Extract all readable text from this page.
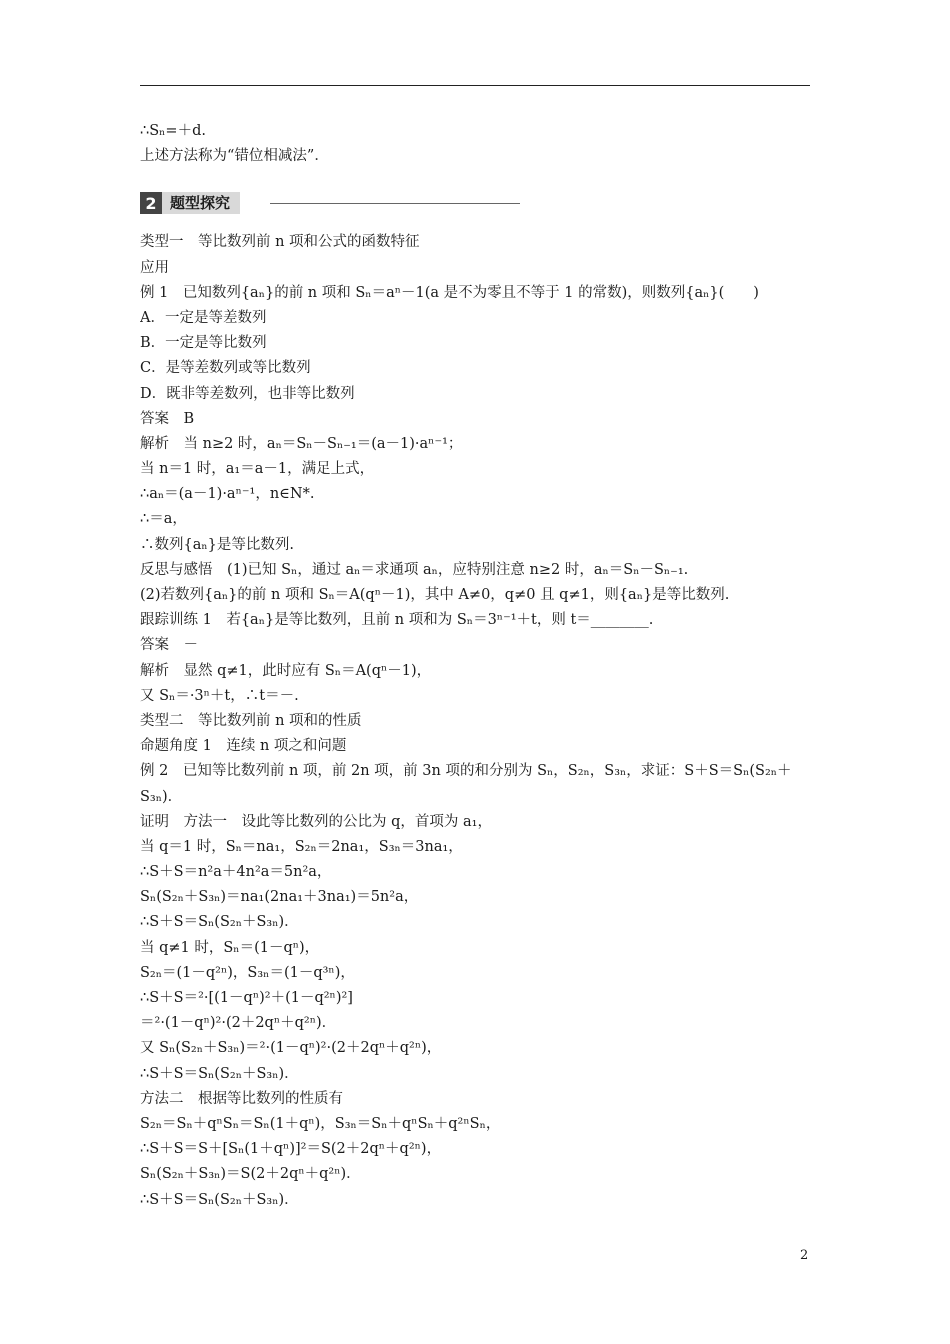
∴Sₙ=＋d.
上述方法称为“错位相减法”．
2 题型探究
类型一　等比数列前 n 项和公式的函数特征
应用
例 1　已知数列{aₙ}的前 n 项和 Sₙ＝aⁿ－1(a 是不为零且不等于 1 的常数)，则数列{aₙ}(　　)
A．一定是等差数列
B．一定是等比数列
C．是等差数列或等比数列
D．既非等差数列，也非等比数列
答案　B
解析　当 n≥2 时，aₙ＝Sₙ－Sₙ₋₁＝(a－1)·aⁿ⁻¹；
当 n＝1 时，a₁＝a－1，满足上式，
∴aₙ＝(a－1)·aⁿ⁻¹，n∈N*.
∴＝a，
∴数列{aₙ}是等比数列.
反思与感悟　(1)已知 Sₙ，通过 aₙ＝求通项 aₙ，应特别注意 n≥2 时，aₙ＝Sₙ－Sₙ₋₁.
(2)若数列{aₙ}的前 n 项和 Sₙ＝A(qⁿ－1)，其中 A≠0，q≠0 且 q≠1，则{aₙ}是等比数列.
跟踪训练 1　若{aₙ}是等比数列，且前 n 项和为 Sₙ＝3ⁿ⁻¹＋t，则 t＝________.
答案　－
解析　显然 q≠1，此时应有 Sₙ＝A(qⁿ－1)，
又 Sₙ＝·3ⁿ＋t，∴t＝－.
类型二　等比数列前 n 项和的性质
命题角度 1　连续 n 项之和问题
例 2　已知等比数列前 n 项，前 2n 项，前 3n 项的和分别为 Sₙ，S₂ₙ，S₃ₙ，求证：S＋S＝Sₙ(S₂ₙ＋
S₃ₙ)．
证明　方法一　设此等比数列的公比为 q，首项为 a₁，
当 q＝1 时，Sₙ＝na₁，S₂ₙ＝2na₁，S₃ₙ＝3na₁，
∴S＋S＝n²a＋4n²a＝5n²a，
Sₙ(S₂ₙ＋S₃ₙ)＝na₁(2na₁＋3na₁)＝5n²a，
∴S＋S＝Sₙ(S₂ₙ＋S₃ₙ)．
当 q≠1 时，Sₙ＝(1－qⁿ)，
S₂ₙ＝(1－q²ⁿ)，S₃ₙ＝(1－q³ⁿ)，
∴S＋S＝²·[(1－qⁿ)²＋(1－q²ⁿ)²]
＝²·(1－qⁿ)²·(2＋2qⁿ＋q²ⁿ)．
又 Sₙ(S₂ₙ＋S₃ₙ)＝²·(1－qⁿ)²·(2＋2qⁿ＋q²ⁿ)，
∴S＋S＝Sₙ(S₂ₙ＋S₃ₙ)．
方法二　根据等比数列的性质有
S₂ₙ＝Sₙ＋qⁿSₙ＝Sₙ(1＋qⁿ)，S₃ₙ＝Sₙ＋qⁿSₙ＋q²ⁿSₙ，
∴S＋S＝S＋[Sₙ(1＋qⁿ)]²＝S(2＋2qⁿ＋q²ⁿ)，
Sₙ(S₂ₙ＋S₃ₙ)＝S(2＋2qⁿ＋q²ⁿ)．
∴S＋S＝Sₙ(S₂ₙ＋S₃ₙ)．
2
